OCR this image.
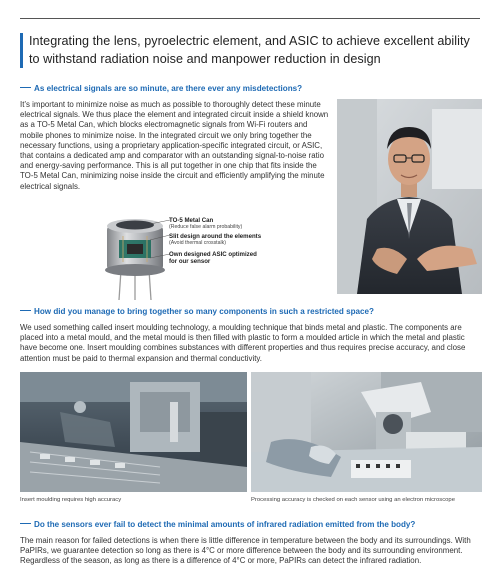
Integrating the lens, pyroelectric element, and ASIC to achieve excellent ability to withstand radiation noise and manpower reduction in design
As electrical signals are so minute, are there ever any misdetections?

It’s important to minimize noise as much as possible to thoroughly detect these minute electrical signals. We thus place the element and integrated circuit inside a shield known as a TO-5 Metal Can, which blocks electromagnetic signals from Wi-Fi routers and mobile phones to minimize noise. In the integrated circuit we only bring together the necessary functions, using a proprietary application-specific integrated circuit, or ASIC, that contains a dedicated amp and comparator with an outstanding signal-to-noise ratio and energy-saving performance. This is all put together in one chip that fits inside the TO-5 Metal Can, minimizing noise inside the circuit and efficiently amplifying the minute electrical signals.

TO-5 Metal Can
(Reduce false alarm probability)
Slit design around the elements
(Avoid thermal crosstalk)
Own designed ASIC optimized
for our sensor
How did you manage to bring together so many components in such a restricted space?

We used something called insert moulding technology, a moulding technique that binds metal and plastic. The components are placed into a metal mould, and the metal mould is then filled with plastic to form a moulded article in which the metal and plastic have become one. Insert moulding combines substances with different properties and thus requires precise accuracy, and close attention must be paid to thermal expansion and thermal conductivity.

Insert moulding requires high accuracy	Processing accuracy is checked on each sensor using an electron microscope
Do the sensors ever fail to detect the minimal amounts of infrared radiation emitted from the body?

The main reason for failed detections is when there is little difference in temperature between the body and its surroundings. With PaPIRs, we guarantee detection so long as there is 4°C or more difference between the body and its surrounding environment. Regardless of the season, as long as there is a difference of 4°C or more, PaPIRs can detect the infrared radiation.
